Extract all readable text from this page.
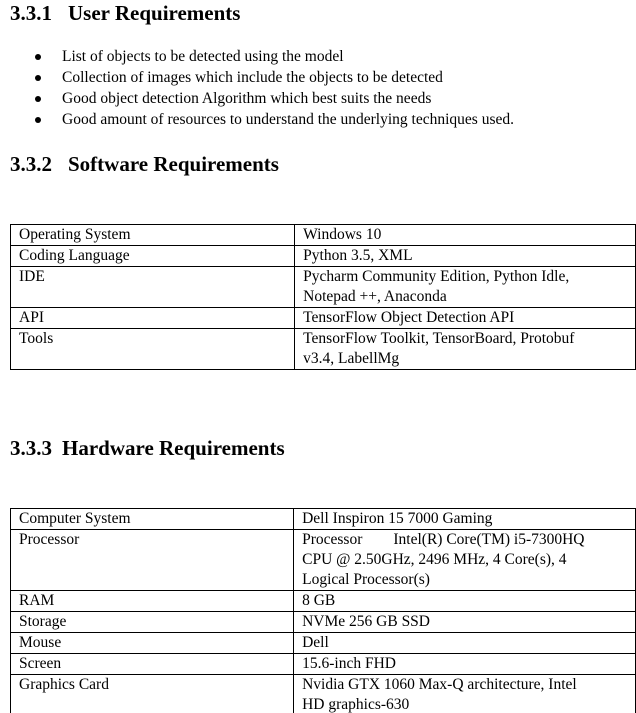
3.3.1 User Requirements
List of objects to be detected using the model
Collection of images which include the objects to be detected
Good object detection Algorithm which best suits the needs
Good amount of resources to understand the underlying techniques used.
3.3.2 Software Requirements
Operating System	Windows 10

Coding Language	Python 3.5, XML

IDE	Pycharm Community Edition, Python Idle,
Notepad ++, Anaconda

API	TensorFlow Object Detection API

Tools	TensorFlow Toolkit, TensorBoard, Protobuf
v3.4, LabellMg
3.3.3 Hardware Requirements
Computer System	Dell Inspiron 15 7000 Gaming

Processor	Processor        Intel(R) Core(TM) i5-7300HQ
CPU @ 2.50GHz, 2496 MHz, 4 Core(s), 4
Logical Processor(s)

RAM	8 GB

Storage	NVMe 256 GB SSD

Mouse	Dell

Screen	15.6-inch FHD

Graphics Card	Nvidia GTX 1060 Max-Q architecture, Intel
HD graphics-630
